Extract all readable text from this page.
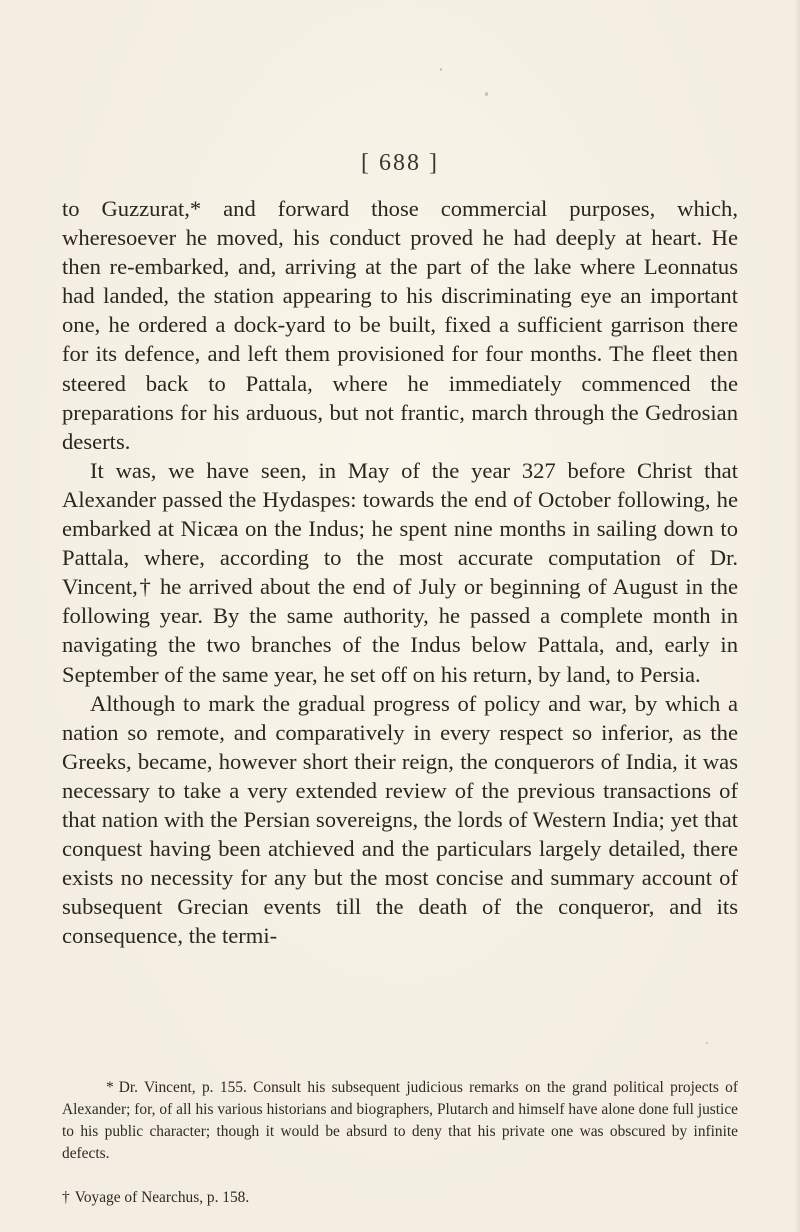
[ 688 ]

to Guzzurat,* and forward those commercial purposes, which, wheresoever he moved, his conduct proved he had deeply at heart. He then re-embarked, and, arriving at the part of the lake where Leonnatus had landed, the station appearing to his discriminating eye an important one, he ordered a dock-yard to be built, fixed a sufficient garrison there for its defence, and left them provisioned for four months. The fleet then steered back to Pattala, where he immediately commenced the preparations for his arduous, but not frantic, march through the Gedrosian deserts.

It was, we have seen, in May of the year 327 before Christ that Alexander passed the Hydaspes: towards the end of October following, he embarked at Nicæa on the Indus; he spent nine months in sailing down to Pattala, where, according to the most accurate computation of Dr. Vincent,† he arrived about the end of July or beginning of August in the following year. By the same authority, he passed a complete month in navigating the two branches of the Indus below Pattala, and, early in September of the same year, he set off on his return, by land, to Persia.

Although to mark the gradual progress of policy and war, by which a nation so remote, and comparatively in every respect so inferior, as the Greeks, became, however short their reign, the conquerors of India, it was necessary to take a very extended review of the previous transactions of that nation with the Persian sovereigns, the lords of Western India; yet that conquest having been atchieved and the particulars largely detailed, there exists no necessity for any but the most concise and summary account of subsequent Grecian events till the death of the conqueror, and its consequence, the termi-

* Dr. Vincent, p. 155. Consult his subsequent judicious remarks on the grand political projects of Alexander; for, of all his various historians and biographers, Plutarch and himself have alone done full justice to his public character; though it would be absurd to deny that his private one was obscured by infinite defects.

† Voyage of Nearchus, p. 158.
